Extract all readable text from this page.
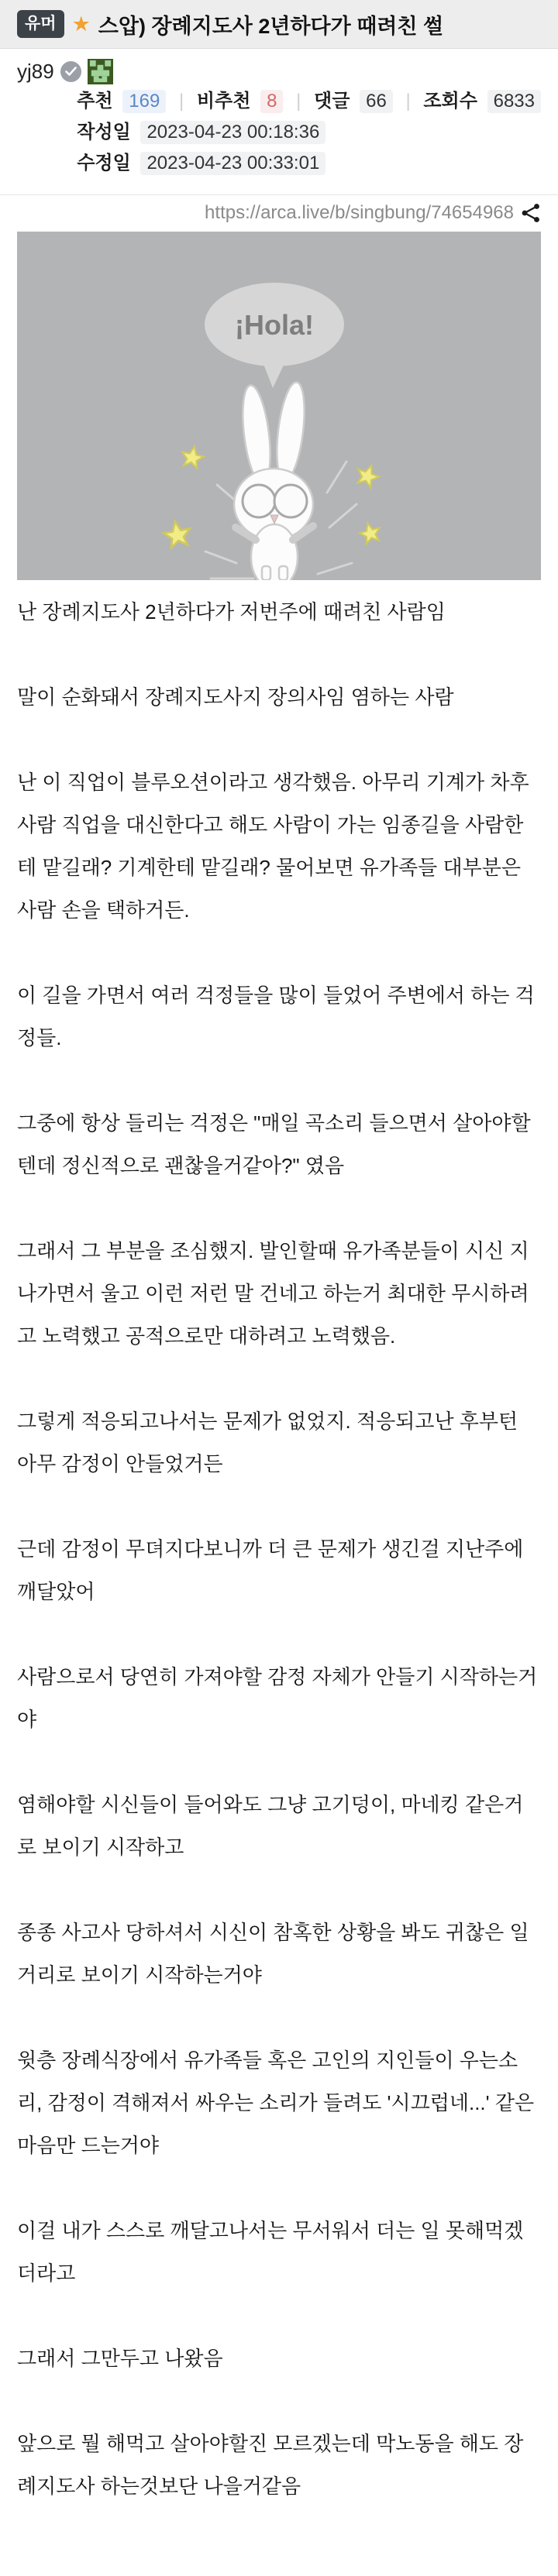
유머 ★ 스압) 장례지도사 2년하다가 때려친 썰
yj89
추천 169 | 비추천 8 | 댓글 66 | 조회수 6833
작성일 2023-04-23 00:18:36
수정일 2023-04-23 00:33:01
https://arca.live/b/singbung/74654968
¡Hola!

난 장례지도사 2년하다가 저번주에 때려친 사람임

말이 순화돼서 장례지도사지 장의사임 염하는 사람

난 이 직업이 블루오션이라고 생각했음. 아무리 기계가 차후 사람 직업을 대신한다고 해도 사람이 가는 임종길을 사람한테 맡길래? 기계한테 맡길래? 물어보면 유가족들 대부분은 사람 손을 택하거든.

이 길을 가면서 여러 걱정들을 많이 들었어 주변에서 하는 걱정들.

그중에 항상 들리는 걱정은 "매일 곡소리 들으면서 살아야할 텐데 정신적으로 괜찮을거같아?" 였음

그래서 그 부분을 조심했지. 발인할때 유가족분들이 시신 지나가면서 울고 이런 저런 말 건네고 하는거 최대한 무시하려고 노력했고 공적으로만 대하려고 노력했음.

그렇게 적응되고나서는 문제가 없었지. 적응되고난 후부턴 아무 감정이 안들었거든

근데 감정이 무뎌지다보니까 더 큰 문제가 생긴걸 지난주에 깨달았어

사람으로서 당연히 가져야할 감정 자체가 안들기 시작하는거야

염해야할 시신들이 들어와도 그냥 고기덩이, 마네킹 같은거로 보이기 시작하고

종종 사고사 당하셔서 시신이 참혹한 상황을 봐도 귀찮은 일거리로 보이기 시작하는거야

윗층 장례식장에서 유가족들 혹은 고인의 지인들이 우는소리, 감정이 격해져서 싸우는 소리가 들려도 '시끄럽네...' 같은 마음만 드는거야

이걸 내가 스스로 깨달고나서는 무서워서 더는 일 못해먹겠더라고

그래서 그만두고 나왔음

앞으로 뭘 해먹고 살아야할진 모르겠는데 막노동을 해도 장례지도사 하는것보단 나을거같음
